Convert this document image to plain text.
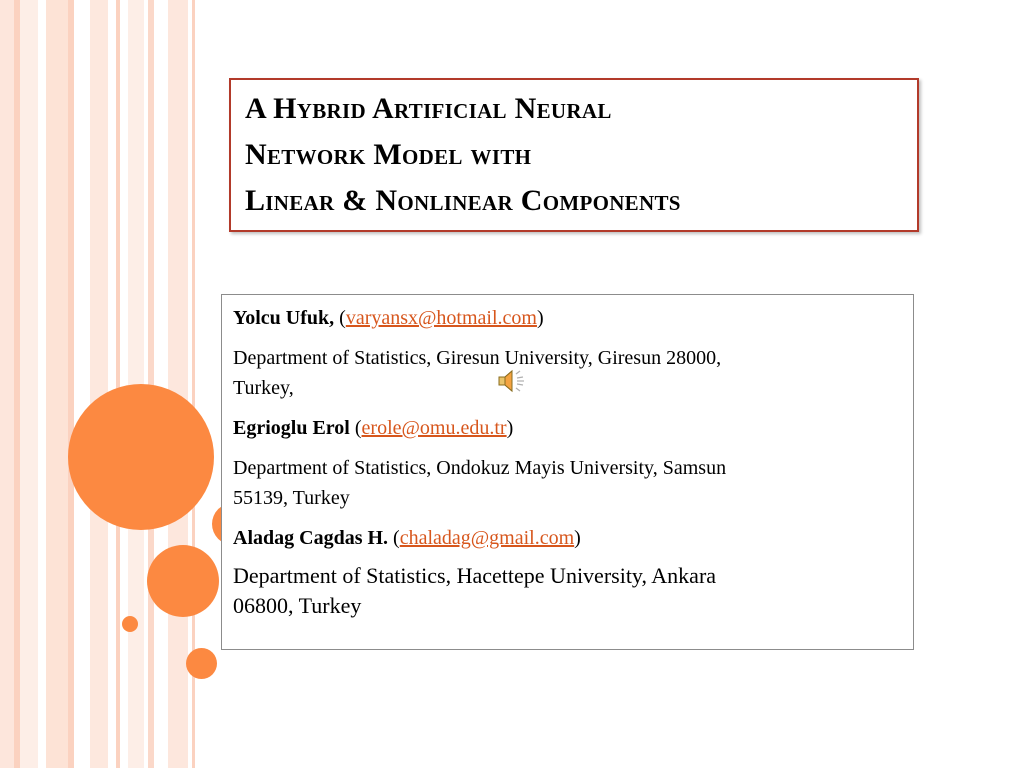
A Hybrid Artificial Neural
Network Model with
Linear & Nonlinear Components
Yolcu Ufuk, (varyansx@hotmail.com)
Department of Statistics, Giresun University, Giresun 28000,
Turkey,
Egrioglu Erol (erole@omu.edu.tr)
Department of Statistics, Ondokuz Mayis University, Samsun
55139, Turkey
Aladag Cagdas H. (chaladag@gmail.com)
Department of Statistics, Hacettepe University, Ankara
06800, Turkey
